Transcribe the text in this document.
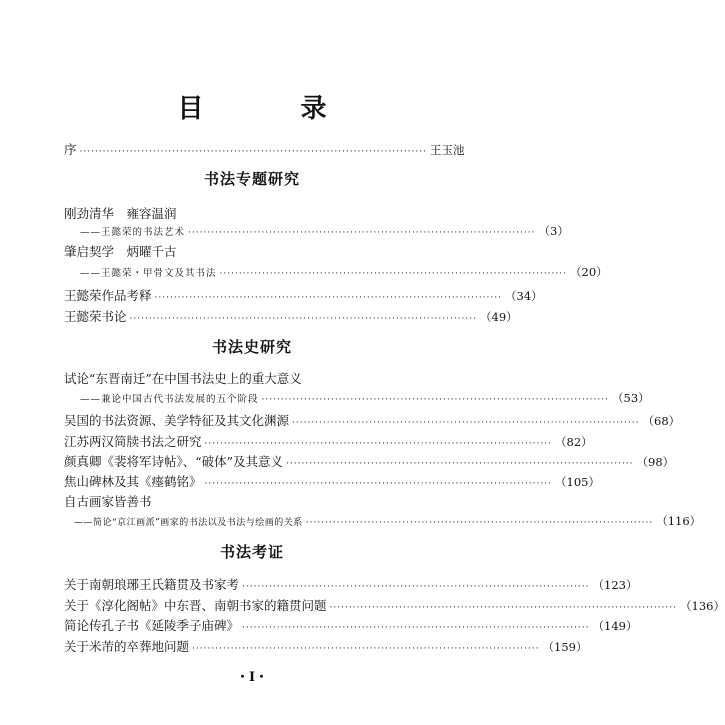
目 录
序 ·························································································· 王玉池
书法专题研究
刚劲清华　雍容温润
——王懿荣的书法艺术 ·························································································· （3）
肇启契学　炳曜千古
——王懿荣・甲骨文及其书法 ·························································································· （20）
王懿荣作品考释 ·························································································· （34）
王懿荣书论 ·························································································· （49）
书法史研究
试论“东晋南迁”在中国书法史上的重大意义
——兼论中国古代书法发展的五个阶段 ·························································································· （53）
吴国的书法资源、美学特征及其文化渊源 ·························································································· （68）
江苏两汉简牍书法之研究 ·························································································· （82）
颜真卿《裴将军诗帖》、“破体”及其意义 ·························································································· （98）
焦山碑林及其《瘗鹤铭》 ·························································································· （105）
自古画家皆善书
——简论“京江画派”画家的书法以及书法与绘画的关系 ·························································································· （116）
书法考证
关于南朝琅琊王氏籍贯及书家考 ·························································································· （123）
关于《淳化阁帖》中东晋、南朝书家的籍贯问题 ·························································································· （136）
简论传孔子书《延陵季子庙碑》 ·························································································· （149）
关于米芾的卒葬地问题 ·························································································· （159）
・I・
